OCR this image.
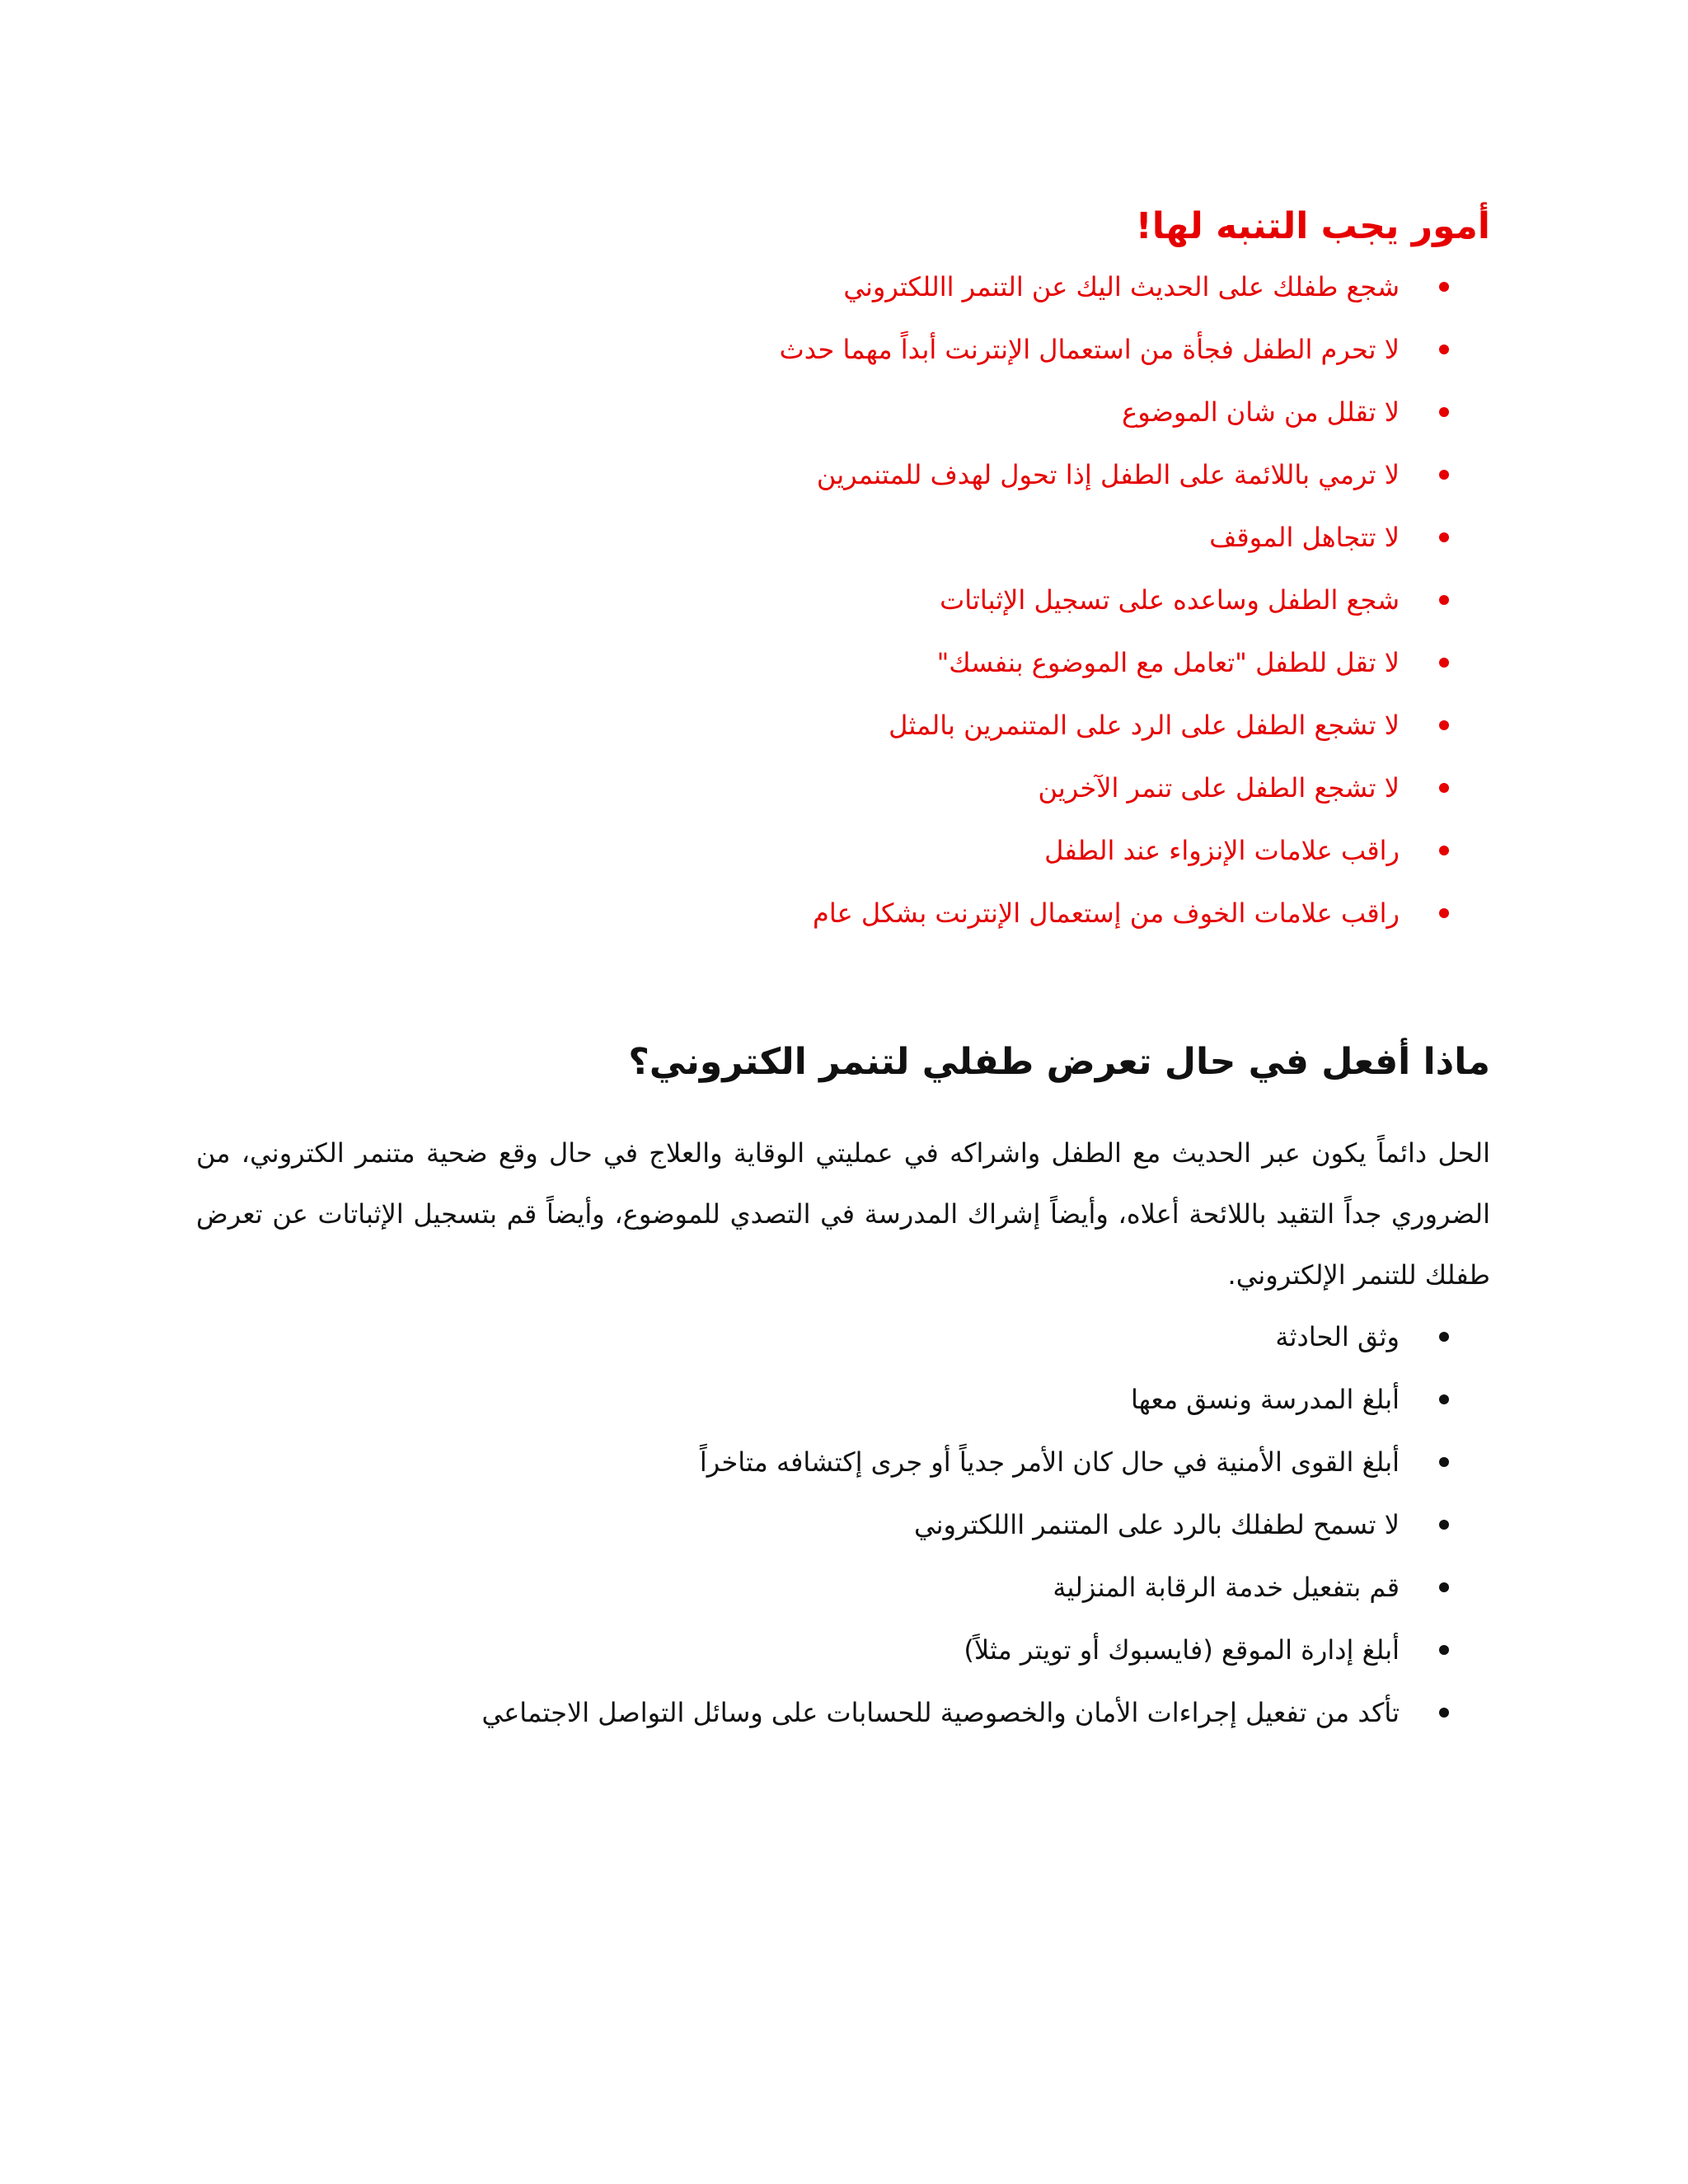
أمور يجب التنبه لها!
شجع طفلك على الحديث اليك عن التنمر االلكتروني
لا تحرم الطفل فجأة من استعمال الإنترنت أبداً مهما حدث
لا تقلل من شان الموضوع
لا ترمي باللائمة على الطفل إذا تحول لهدف للمتنمرين
لا تتجاهل الموقف
شجع الطفل وساعده على تسجيل الإثباتات
لا تقل للطفل "تعامل مع الموضوع بنفسك"
لا تشجع الطفل على الرد على المتنمرين بالمثل
لا تشجع الطفل على تنمر الآخرين
راقب علامات الإنزواء عند الطفل
راقب علامات الخوف من إستعمال الإنترنت بشكل عام
ماذا أفعل في حال تعرض طفلي لتنمر الكتروني؟

الحل دائماً يكون عبر الحديث مع الطفل واشراكه في عمليتي الوقاية والعلاج في حال وقع ضحية متنمر الكتروني، من الضروري جداً التقيد باللائحة أعلاه، وأيضاً إشراك المدرسة في التصدي للموضوع، وأيضاً قم بتسجيل الإثباتات عن تعرض طفلك للتنمر الإلكتروني.

وثق الحادثة
أبلغ المدرسة ونسق معها
أبلغ القوى الأمنية في حال كان الأمر جدياً أو جرى إكتشافه متاخراً
لا تسمح لطفلك بالرد على المتنمر االلكتروني
قم بتفعيل خدمة الرقابة المنزلية
أبلغ إدارة الموقع (فايسبوك أو تويتر مثلاً)
تأكد من تفعيل إجراءات الأمان والخصوصية للحسابات على وسائل التواصل الاجتماعي
